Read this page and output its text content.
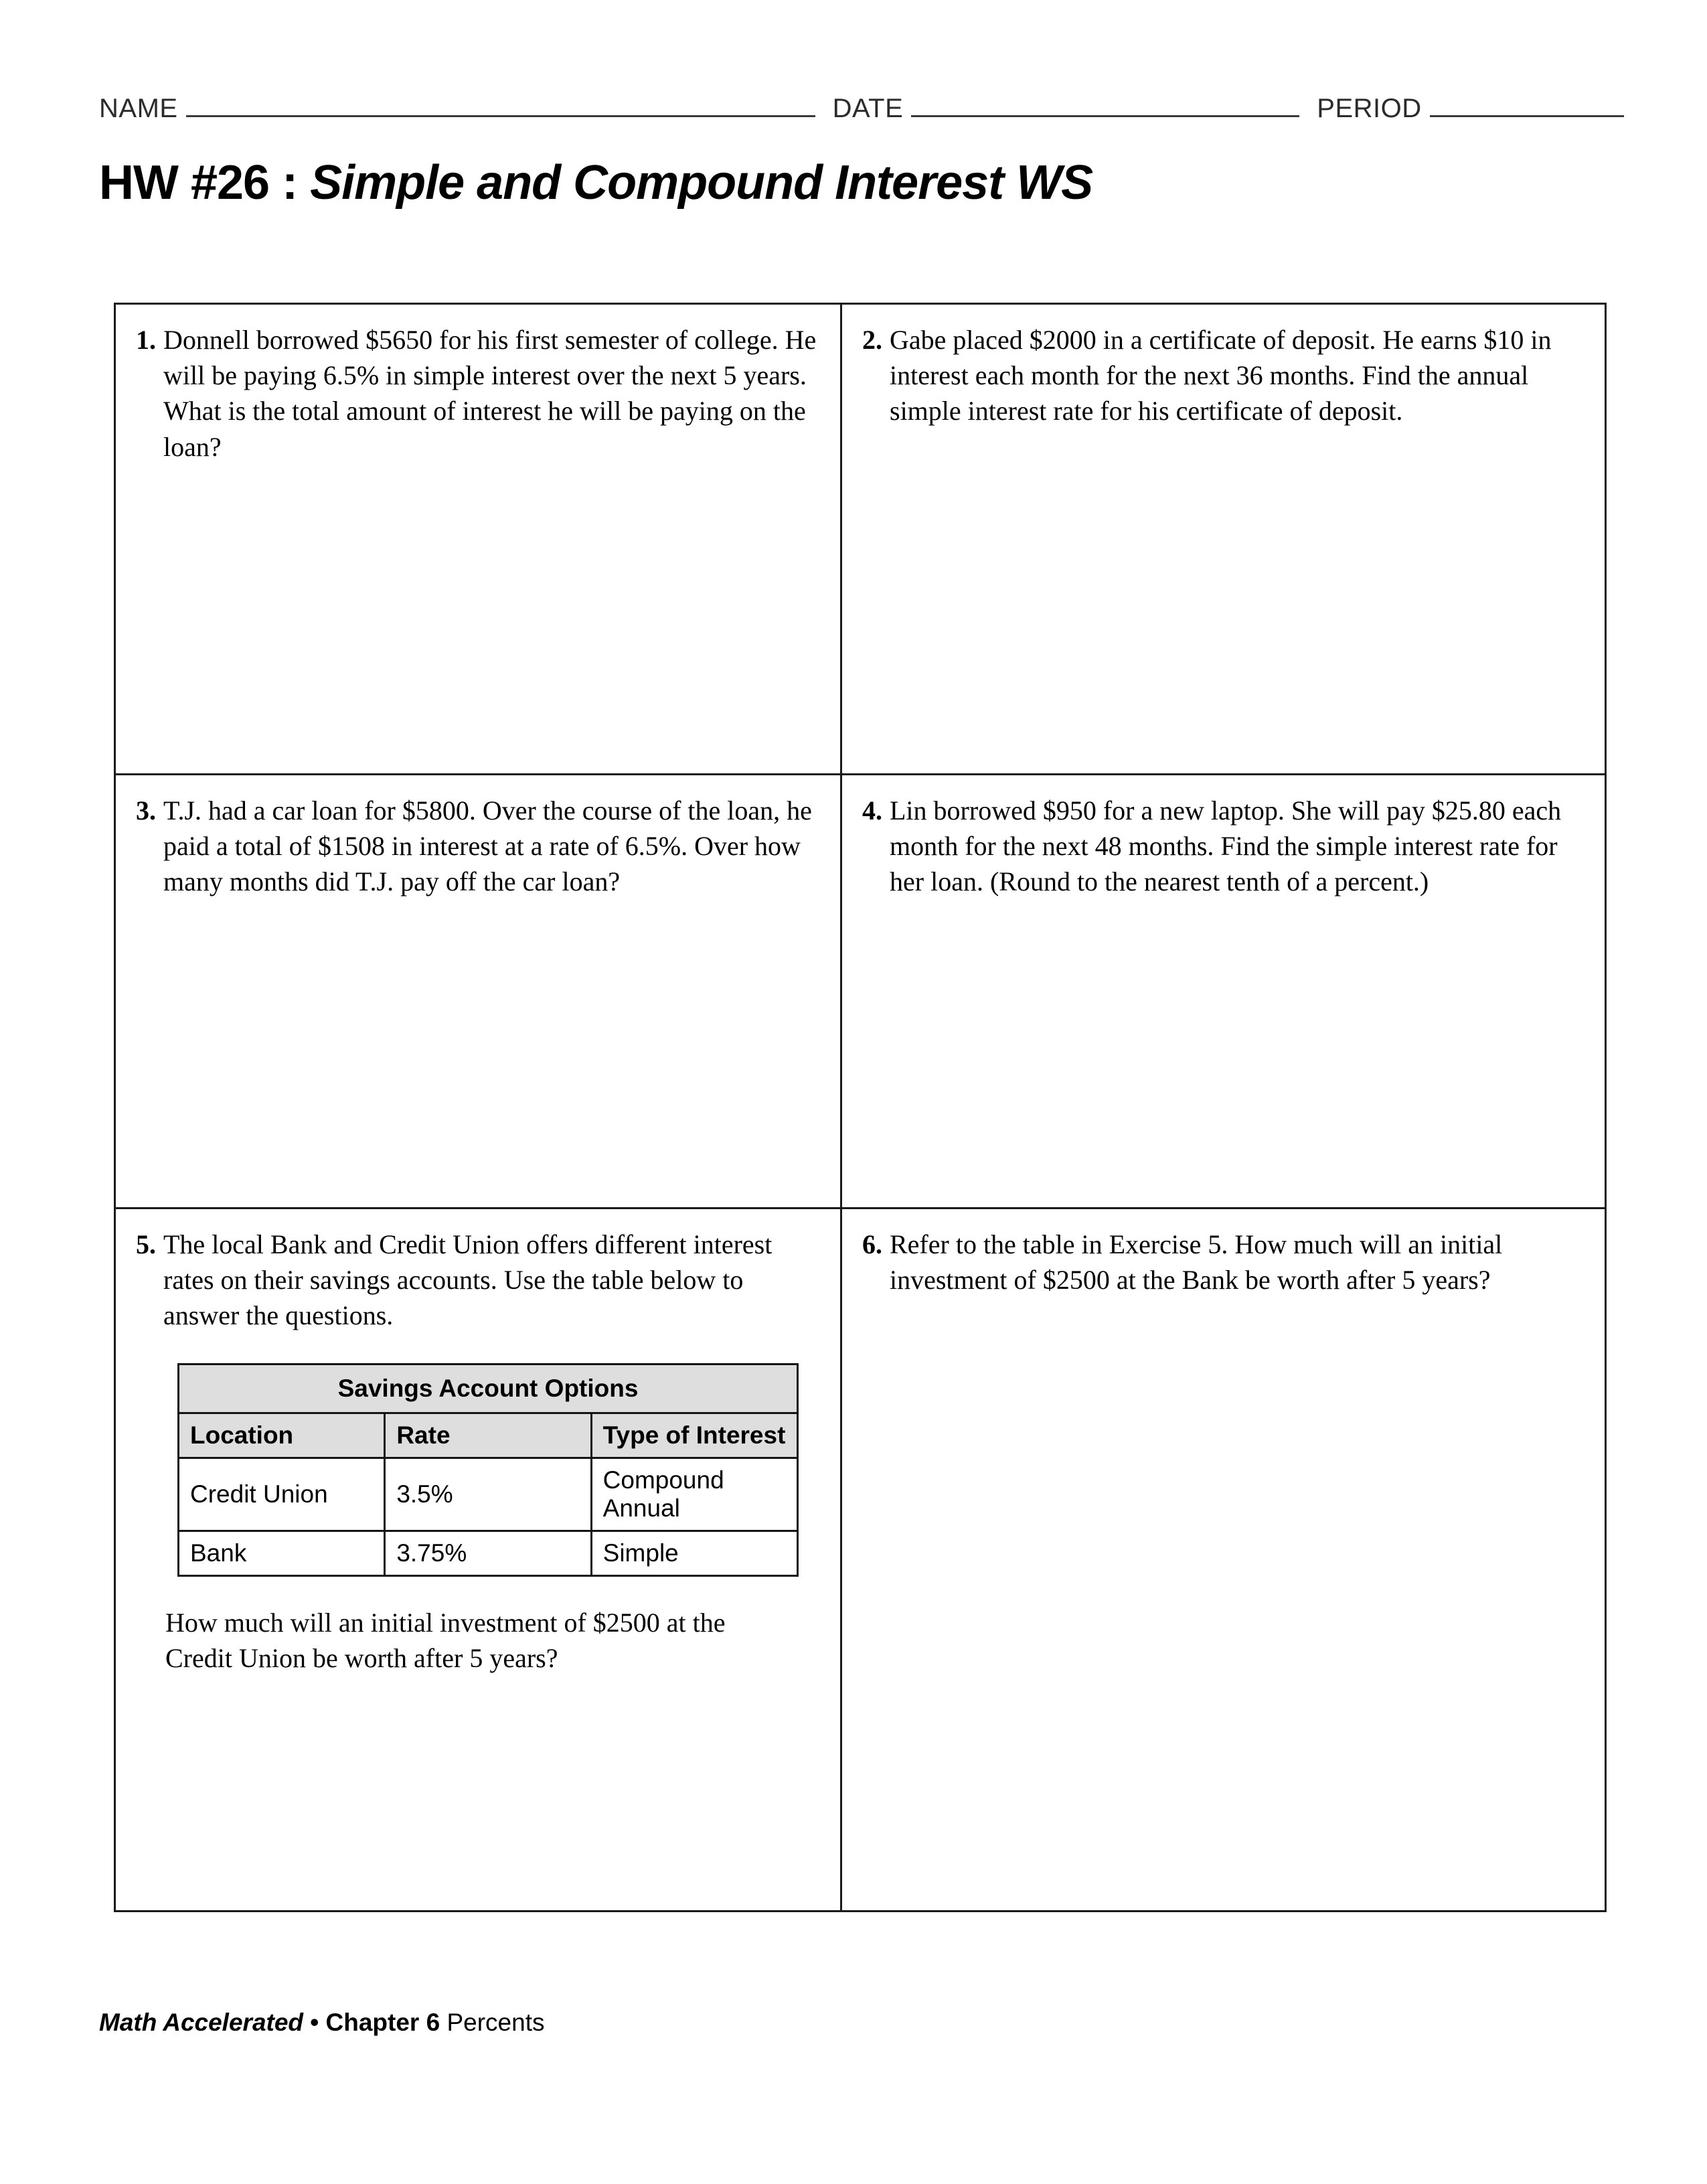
NAME	DATE	PERIOD
HW #26 : Simple and Compound Interest WS
1. Donnell borrowed $5650 for his first semester of college. He will be paying 6.5% in simple interest over the next 5 years. What is the total amount of interest he will be paying on the loan?
2. Gabe placed $2000 in a certificate of deposit. He earns $10 in interest each month for the next 36 months. Find the annual simple interest rate for his certificate of deposit.
3. T.J. had a car loan for $5800. Over the course of the loan, he paid a total of $1508 in interest at a rate of 6.5%. Over how many months did T.J. pay off the car loan?
4. Lin borrowed $950 for a new laptop. She will pay $25.80 each month for the next 48 months. Find the simple interest rate for her loan. (Round to the nearest tenth of a percent.)
5. The local Bank and Credit Union offers different interest rates on their savings accounts. Use the table below to answer the questions.
Savings Account Options		
Location	Rate	Type of Interest
Credit Union	3.5%	Compound Annual
Bank	3.75%	Simple
How much will an initial investment of $2500 at the Credit Union be worth after 5 years?
6. Refer to the table in Exercise 5. How much will an initial investment of $2500 at the Bank be worth after 5 years?
Math Accelerated • Chapter 6 Percents
